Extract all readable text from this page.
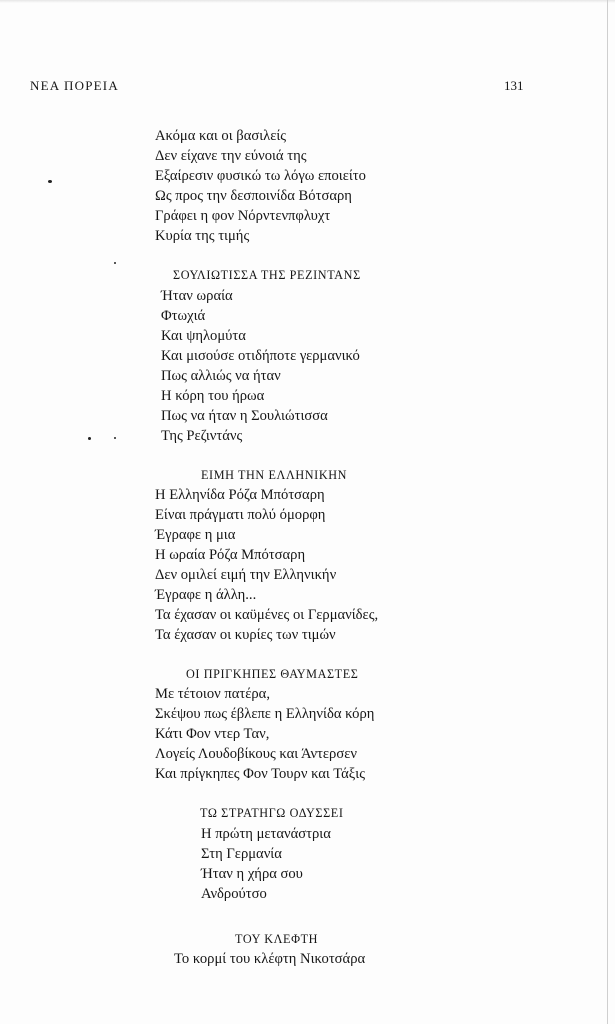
ΝΕΑ ΠΟΡΕΙΑ	131
Ακόμα και οι βασιλείς
Δεν είχανε την εύνοιά της
Εξαίρεσιν φυσικώ τω λόγω εποιείτο
Ως προς την δεσποινίδα Βότσαρη
Γράφει η φον Νόρντενπφλυχτ
Κυρία της τιμής
ΣΟΥΛΙΩΤΙΣΣΑ ΤΗΣ ΡΕΖΙΝΤΑΝΣ
Ήταν ωραία
Φτωχιά
Και ψηλομύτα
Και μισούσε οτιδήποτε γερμανικό
Πως αλλιώς να ήταν
Η κόρη του ήρωα
Πως να ήταν η Σουλιώτισσα
Της Ρεζιντάνς
ΕΙΜΗ ΤΗΝ ΕΛΛΗΝΙΚΗΝ
Η Ελληνίδα Ρόζα Μπότσαρη
Είναι πράγματι πολύ όμορφη
Έγραφε η μια
Η ωραία Ρόζα Μπότσαρη
Δεν ομιλεί ειμή την Ελληνικήν
Έγραφε η άλλη...
Τα έχασαν οι καϋμένες οι Γερμανίδες,
Τα έχασαν οι κυρίες των τιμών
ΟΙ ΠΡΙΓΚΗΠΕΣ ΘΑΥΜΑΣΤΕΣ
Με τέτοιον πατέρα,
Σκέψου πως έβλεπε η Ελληνίδα κόρη
Κάτι Φον ντερ Ταν,
Λογείς Λουδοβίκους και Άντερσεν
Και πρίγκηπες Φον Τουρν και Τάξις
ΤΩ ΣΤΡΑΤΗΓΩ ΟΔΥΣΣΕΙ
Η πρώτη μετανάστρια
Στη Γερμανία
Ήταν η χήρα σου
Ανδρούτσο
ΤΟΥ ΚΛΕΦΤΗ
Το κορμί του κλέφτη Νικοτσάρα
